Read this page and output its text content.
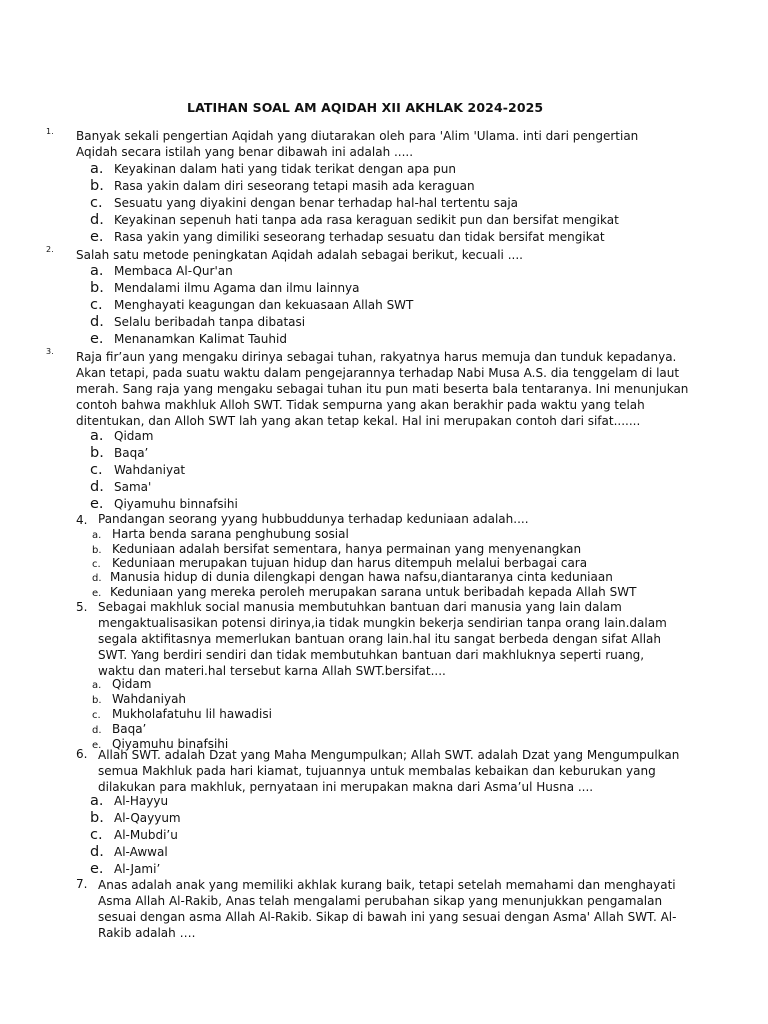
LATIHAN SOAL AM AQIDAH XII AKHLAK 2024-2025
1. Banyak sekali pengertian Aqidah yang diutarakan oleh para 'Alim 'Ulama. inti dari pengertian
Aqidah secara istilah yang benar dibawah ini adalah .....
a. Keyakinan dalam hati yang tidak terikat dengan apa pun
b. Rasa yakin dalam diri seseorang tetapi masih ada keraguan
c. Sesuatu yang diyakini dengan benar terhadap hal-hal tertentu saja
d. Keyakinan sepenuh hati tanpa ada rasa keraguan sedikit pun dan bersifat mengikat
e. Rasa yakin yang dimiliki seseorang terhadap sesuatu dan tidak bersifat mengikat
2. Salah satu metode peningkatan Aqidah adalah sebagai berikut, kecuali ....
a. Membaca Al-Qur'an
b. Mendalami ilmu Agama dan ilmu lainnya
c. Menghayati keagungan dan kekuasaan Allah SWT
d. Selalu beribadah tanpa dibatasi
e. Menanamkan Kalimat Tauhid
3. Raja fir’aun yang mengaku dirinya sebagai tuhan, rakyatnya harus memuja dan tunduk kepadanya.
Akan tetapi, pada suatu waktu dalam pengejarannya terhadap Nabi Musa A.S. dia tenggelam di laut
merah. Sang raja yang mengaku sebagai tuhan itu pun mati beserta bala tentaranya. Ini menunjukan
contoh bahwa makhluk Alloh SWT. Tidak sempurna yang akan berakhir pada waktu yang telah
ditentukan, dan Alloh SWT lah yang akan tetap kekal. Hal ini merupakan contoh dari sifat.......
a. Qidam
b. Baqa’
c. Wahdaniyat
d. Sama'
e. Qiyamuhu binnafsihi
4. Pandangan seorang yyang hubbuddunya terhadap keduniaan adalah....
a. Harta benda sarana penghubung sosial
b. Keduniaan adalah bersifat sementara, hanya permainan yang menyenangkan
c. Keduniaan merupakan tujuan hidup dan harus ditempuh melalui berbagai cara
d. Manusia hidup di dunia dilengkapi dengan hawa nafsu,diantaranya cinta keduniaan
e. Keduniaan yang mereka peroleh merupakan sarana untuk beribadah kepada Allah SWT
5. Sebagai makhluk social manusia membutuhkan bantuan dari manusia yang lain dalam
mengaktualisasikan potensi dirinya,ia tidak mungkin bekerja sendirian tanpa orang lain.dalam
segala aktifitasnya memerlukan bantuan orang lain.hal itu sangat berbeda dengan sifat Allah
SWT. Yang berdiri sendiri dan tidak membutuhkan bantuan dari makhluknya seperti ruang,
waktu dan materi.hal tersebut karna Allah SWT.bersifat....
a. Qidam
b. Wahdaniyah
c. Mukholafatuhu lil hawadisi
d. Baqa’
e. Qiyamuhu binafsihi
6. Allah SWT. adalah Dzat yang Maha Mengumpulkan; Allah SWT. adalah Dzat yang Mengumpulkan
semua Makhluk pada hari kiamat, tujuannya untuk membalas kebaikan dan keburukan yang
dilakukan para makhluk, pernyataan ini merupakan makna dari Asma’ul Husna ....
a. Al-Hayyu
b. Al-Qayyum
c. Al-Mubdi’u
d. Al-Awwal
e. Al-Jami’
7. Anas adalah anak yang memiliki akhlak kurang baik, tetapi setelah memahami dan menghayati
Asma Allah Al-Rakib, Anas telah mengalami perubahan sikap yang menunjukkan pengamalan
sesuai dengan asma Allah Al-Rakib. Sikap di bawah ini yang sesuai dengan Asma' Allah SWT. Al-
Rakib adalah ….
